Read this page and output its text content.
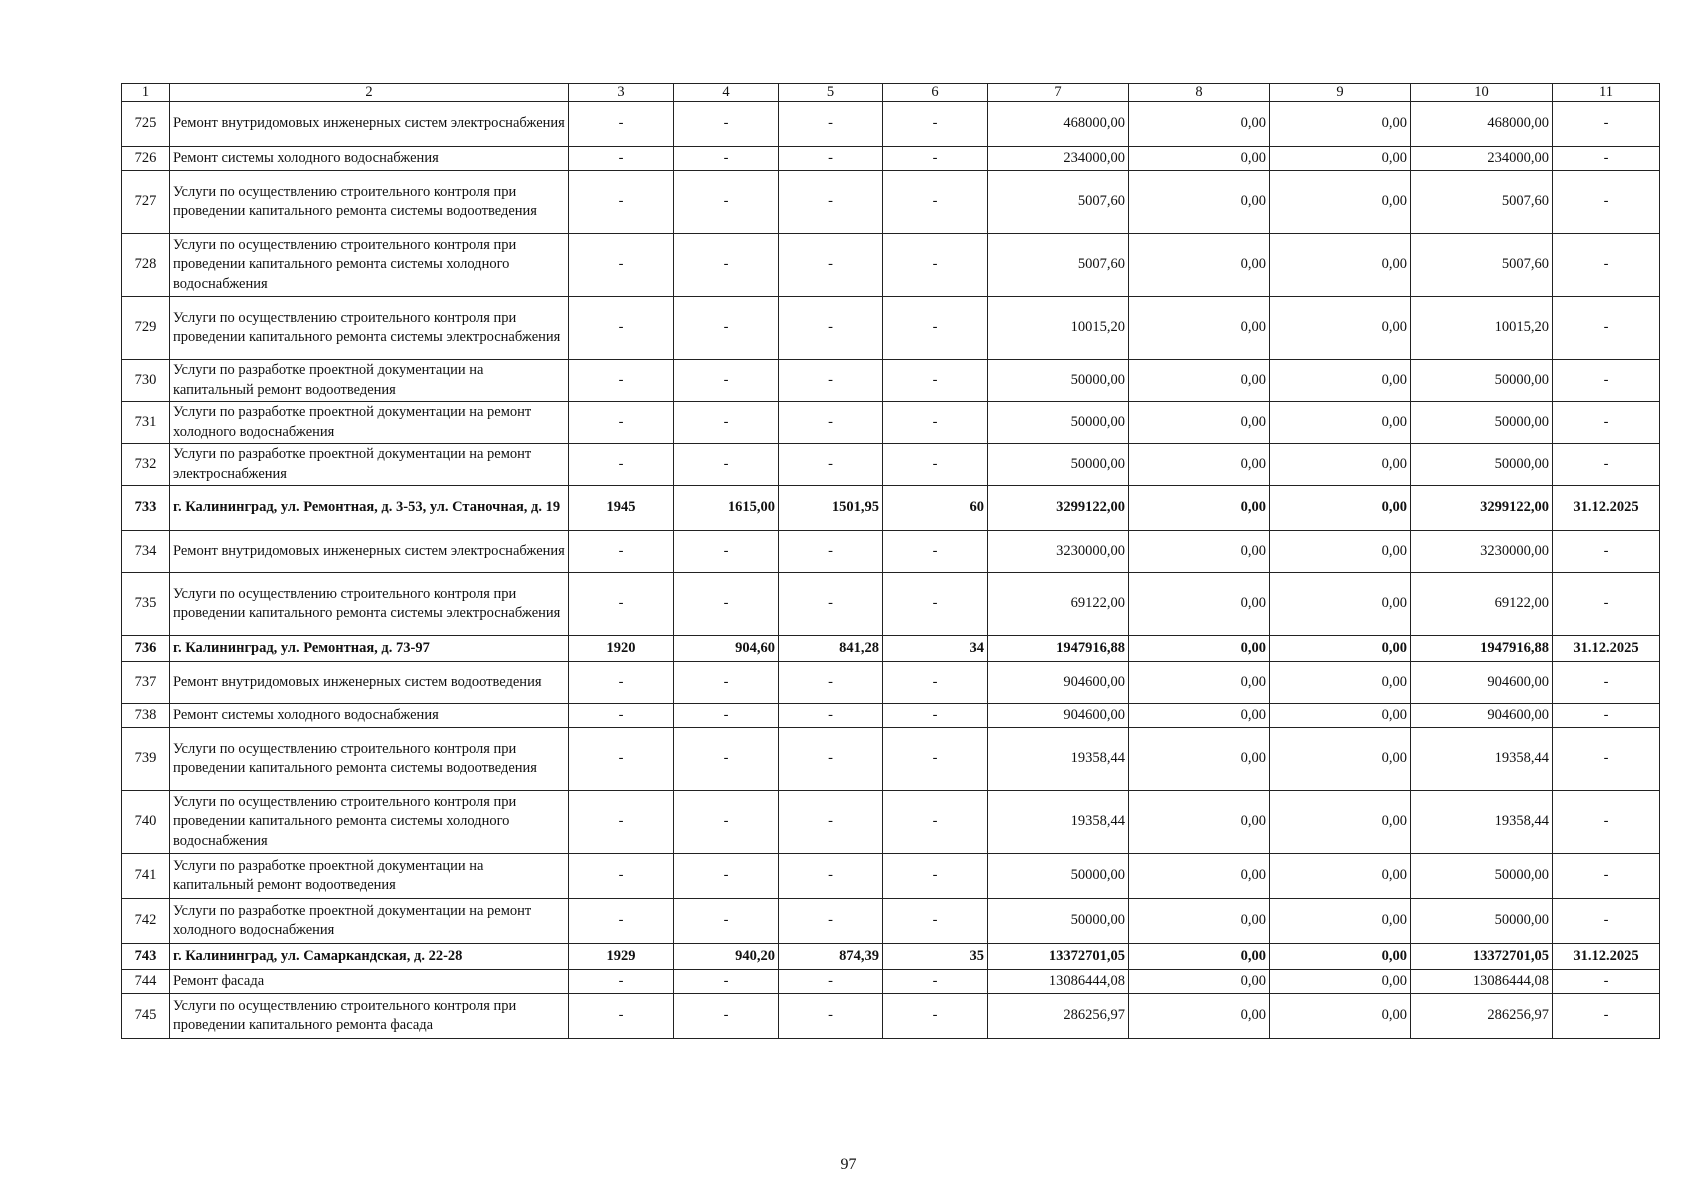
1	2	3	4	5	6	7	8	9	10	11
725	Ремонт внутридомовых инженерных систем электроснабжения	-	-	-	-	468000,00	0,00	0,00	468000,00	-
726	Ремонт системы холодного водоснабжения	-	-	-	-	234000,00	0,00	0,00	234000,00	-
727	Услуги по осуществлению строительного контроля при проведении капитального ремонта системы водоотведения	-	-	-	-	5007,60	0,00	0,00	5007,60	-
728	Услуги по осуществлению строительного контроля при проведении капитального ремонта системы холодного водоснабжения	-	-	-	-	5007,60	0,00	0,00	5007,60	-
729	Услуги по осуществлению строительного контроля при проведении капитального ремонта системы электроснабжения	-	-	-	-	10015,20	0,00	0,00	10015,20	-
730	Услуги по разработке проектной документации на капитальный ремонт водоотведения	-	-	-	-	50000,00	0,00	0,00	50000,00	-
731	Услуги по разработке проектной документации на ремонт холодного водоснабжения	-	-	-	-	50000,00	0,00	0,00	50000,00	-
732	Услуги по разработке проектной документации на ремонт электроснабжения	-	-	-	-	50000,00	0,00	0,00	50000,00	-
733	г. Калининград, ул. Ремонтная, д. 3-53, ул. Станочная, д. 19	1945	1615,00	1501,95	60	3299122,00	0,00	0,00	3299122,00	31.12.2025
734	Ремонт внутридомовых инженерных систем электроснабжения	-	-	-	-	3230000,00	0,00	0,00	3230000,00	-
735	Услуги по осуществлению строительного контроля при проведении капитального ремонта системы электроснабжения	-	-	-	-	69122,00	0,00	0,00	69122,00	-
736	г. Калининград, ул. Ремонтная, д. 73-97	1920	904,60	841,28	34	1947916,88	0,00	0,00	1947916,88	31.12.2025
737	Ремонт внутридомовых инженерных систем водоотведения	-	-	-	-	904600,00	0,00	0,00	904600,00	-
738	Ремонт системы холодного водоснабжения	-	-	-	-	904600,00	0,00	0,00	904600,00	-
739	Услуги по осуществлению строительного контроля при проведении капитального ремонта системы водоотведения	-	-	-	-	19358,44	0,00	0,00	19358,44	-
740	Услуги по осуществлению строительного контроля при проведении капитального ремонта системы холодного водоснабжения	-	-	-	-	19358,44	0,00	0,00	19358,44	-
741	Услуги по разработке проектной документации на капитальный ремонт водоотведения	-	-	-	-	50000,00	0,00	0,00	50000,00	-
742	Услуги по разработке проектной документации на ремонт холодного водоснабжения	-	-	-	-	50000,00	0,00	0,00	50000,00	-
743	г. Калининград, ул. Самаркандская, д. 22-28	1929	940,20	874,39	35	13372701,05	0,00	0,00	13372701,05	31.12.2025
744	Ремонт фасада	-	-	-	-	13086444,08	0,00	0,00	13086444,08	-
745	Услуги по осуществлению строительного контроля при проведении капитального ремонта фасада	-	-	-	-	286256,97	0,00	0,00	286256,97	-
97
